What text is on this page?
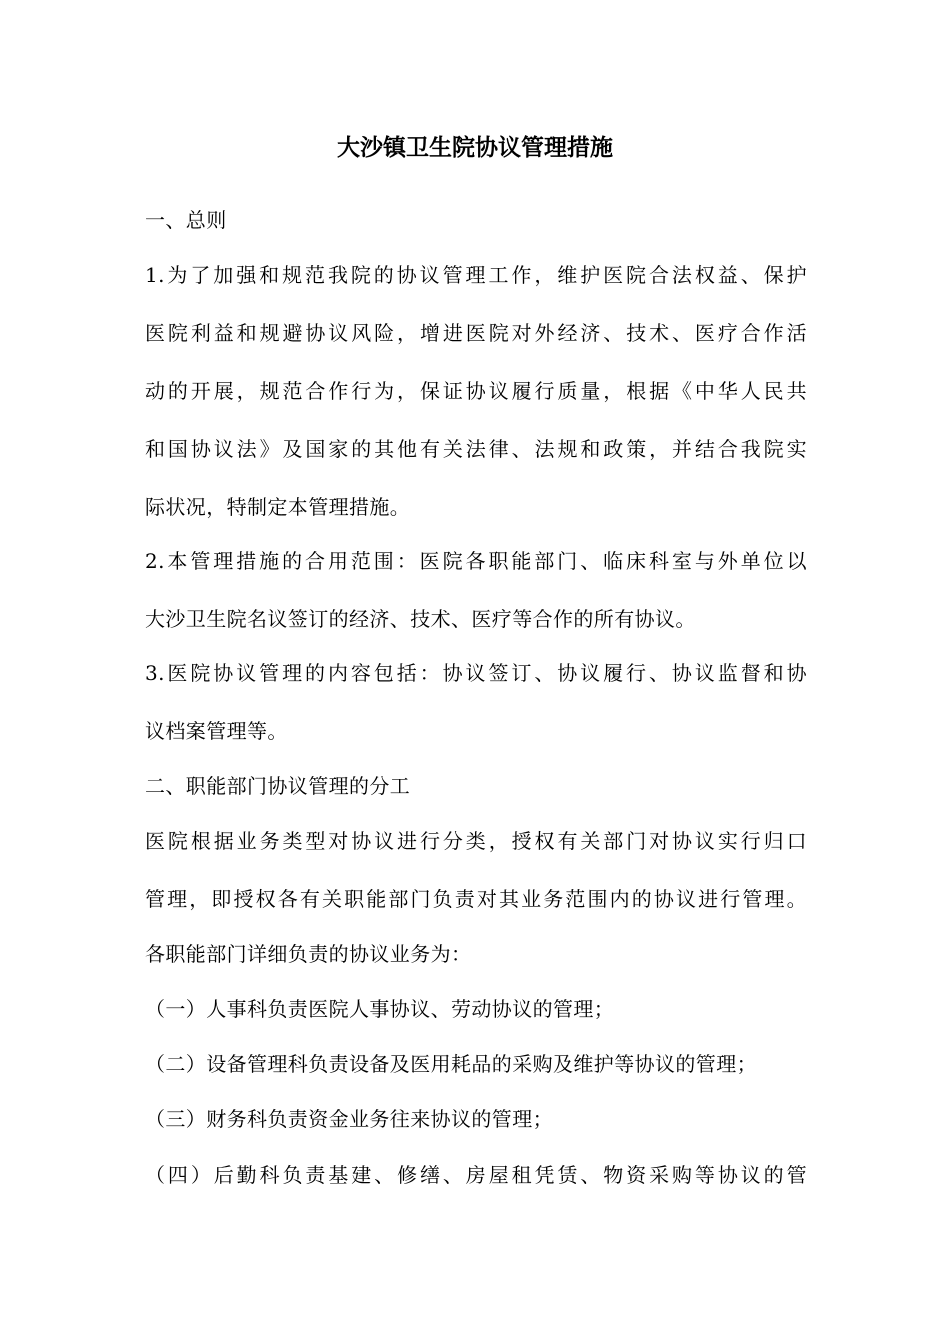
大沙镇卫生院协议管理措施
一、总则
1.为了加强和规范我院的协议管理工作，维护医院合法权益、保护
医院利益和规避协议风险，增进医院对外经济、技术、医疗合作活
动的开展，规范合作行为，保证协议履行质量，根据《中华人民共
和国协议法》及国家的其他有关法律、法规和政策，并结合我院实
际状况，特制定本管理措施。
2.本管理措施的合用范围：医院各职能部门、临床科室与外单位以
大沙卫生院名议签订的经济、技术、医疗等合作的所有协议。
3.医院协议管理的内容包括：协议签订、协议履行、协议监督和协
议档案管理等。
二、职能部门协议管理的分工
医院根据业务类型对协议进行分类，授权有关部门对协议实行归口
管理，即授权各有关职能部门负责对其业务范围内的协议进行管理。
各职能部门详细负责的协议业务为：
（一）人事科负责医院人事协议、劳动协议的管理；
（二）设备管理科负责设备及医用耗品的采购及维护等协议的管理；
（三）财务科负责资金业务往来协议的管理；
（四）后勤科负责基建、修缮、房屋租凭赁、物资采购等协议的管
